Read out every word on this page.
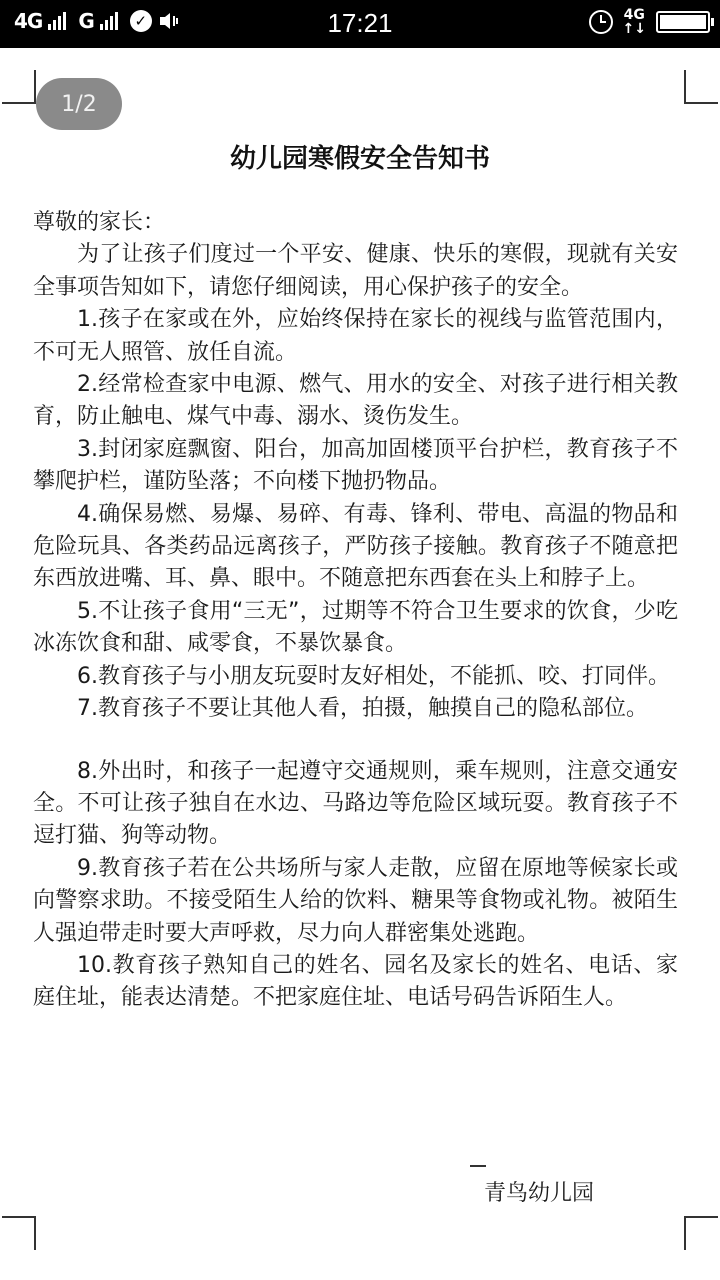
4G G	✓	17:21	4G
↑↓
1/2
幼儿园寒假安全告知书

尊敬的家长：

为了让孩子们度过一个平安、健康、快乐的寒假，现就有关安全事项告知如下，请您仔细阅读，用心保护孩子的安全。

1.孩子在家或在外，应始终保持在家长的视线与监管范围内，不可无人照管、放任自流。

2.经常检查家中电源、燃气、用水的安全、对孩子进行相关教育，防止触电、煤气中毒、溺水、烫伤发生。

3.封闭家庭飘窗、阳台，加高加固楼顶平台护栏，教育孩子不攀爬护栏，谨防坠落；不向楼下抛扔物品。

4.确保易燃、易爆、易碎、有毒、锋利、带电、高温的物品和危险玩具、各类药品远离孩子，严防孩子接触。教育孩子不随意把东西放进嘴、耳、鼻、眼中。不随意把东西套在头上和脖子上。

5.不让孩子食用“三无”，过期等不符合卫生要求的饮食，少吃冰冻饮食和甜、咸零食，不暴饮暴食。

6.教育孩子与小朋友玩耍时友好相处，不能抓、咬、打同伴。

7.教育孩子不要让其他人看，拍摄，触摸自己的隐私部位。

8.外出时，和孩子一起遵守交通规则，乘车规则，注意交通安全。不可让孩子独自在水边、马路边等危险区域玩耍。教育孩子不逗打猫、狗等动物。

9.教育孩子若在公共场所与家人走散，应留在原地等候家长或向警察求助。不接受陌生人给的饮料、糖果等食物或礼物。被陌生人强迫带走时要大声呼救，尽力向人群密集处逃跑。

10.教育孩子熟知自己的姓名、园名及家长的姓名、电话、家庭住址，能表达清楚。不把家庭住址、电话号码告诉陌生人。

青鸟幼儿园
